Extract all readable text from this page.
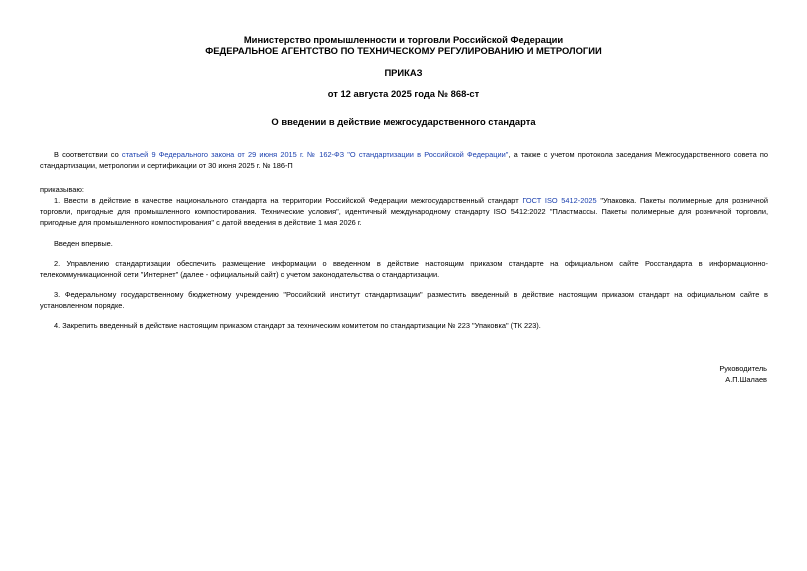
Министерство промышленности и торговли Российской Федерации
ФЕДЕРАЛЬНОЕ АГЕНТСТВО ПО ТЕХНИЧЕСКОМУ РЕГУЛИРОВАНИЮ И МЕТРОЛОГИИ
ПРИКАЗ
от 12 августа 2025 года № 868-ст
О введении в действие межгосударственного стандарта

В соответствии со статьей 9 Федерального закона от 29 июня 2015 г. № 162-ФЗ "О стандартизации в Российской Федерации", а также с учетом протокола заседания Межгосударственного совета по стандартизации, метрологии и сертификации от 30 июня 2025 г. № 186-П

приказываю:

1. Ввести в действие в качестве национального стандарта на территории Российской Федерации межгосударственный стандарт ГОСТ ISO 5412-2025 "Упаковка. Пакеты полимерные для розничной торговли, пригодные для промышленного компостирования. Технические условия", идентичный международному стандарту ISO 5412:2022 "Пластмассы. Пакеты полимерные для розничной торговли, пригодные для промышленного компостирования" с датой введения в действие 1 мая 2026 г.

Введен впервые.

2. Управлению стандартизации обеспечить размещение информации о введенном в действие настоящим приказом стандарте на официальном сайте Росстандарта в информационно-телекоммуникационной сети "Интернет" (далее - официальный сайт) с учетом законодательства о стандартизации.

3. Федеральному государственному бюджетному учреждению "Российский институт стандартизации" разместить введенный в действие настоящим приказом стандарт на официальном сайте в установленном порядке.

4. Закрепить введенный в действие настоящим приказом стандарт за техническим комитетом по стандартизации № 223 "Упаковка" (ТК 223).

Руководитель
А.П.Шалаев
